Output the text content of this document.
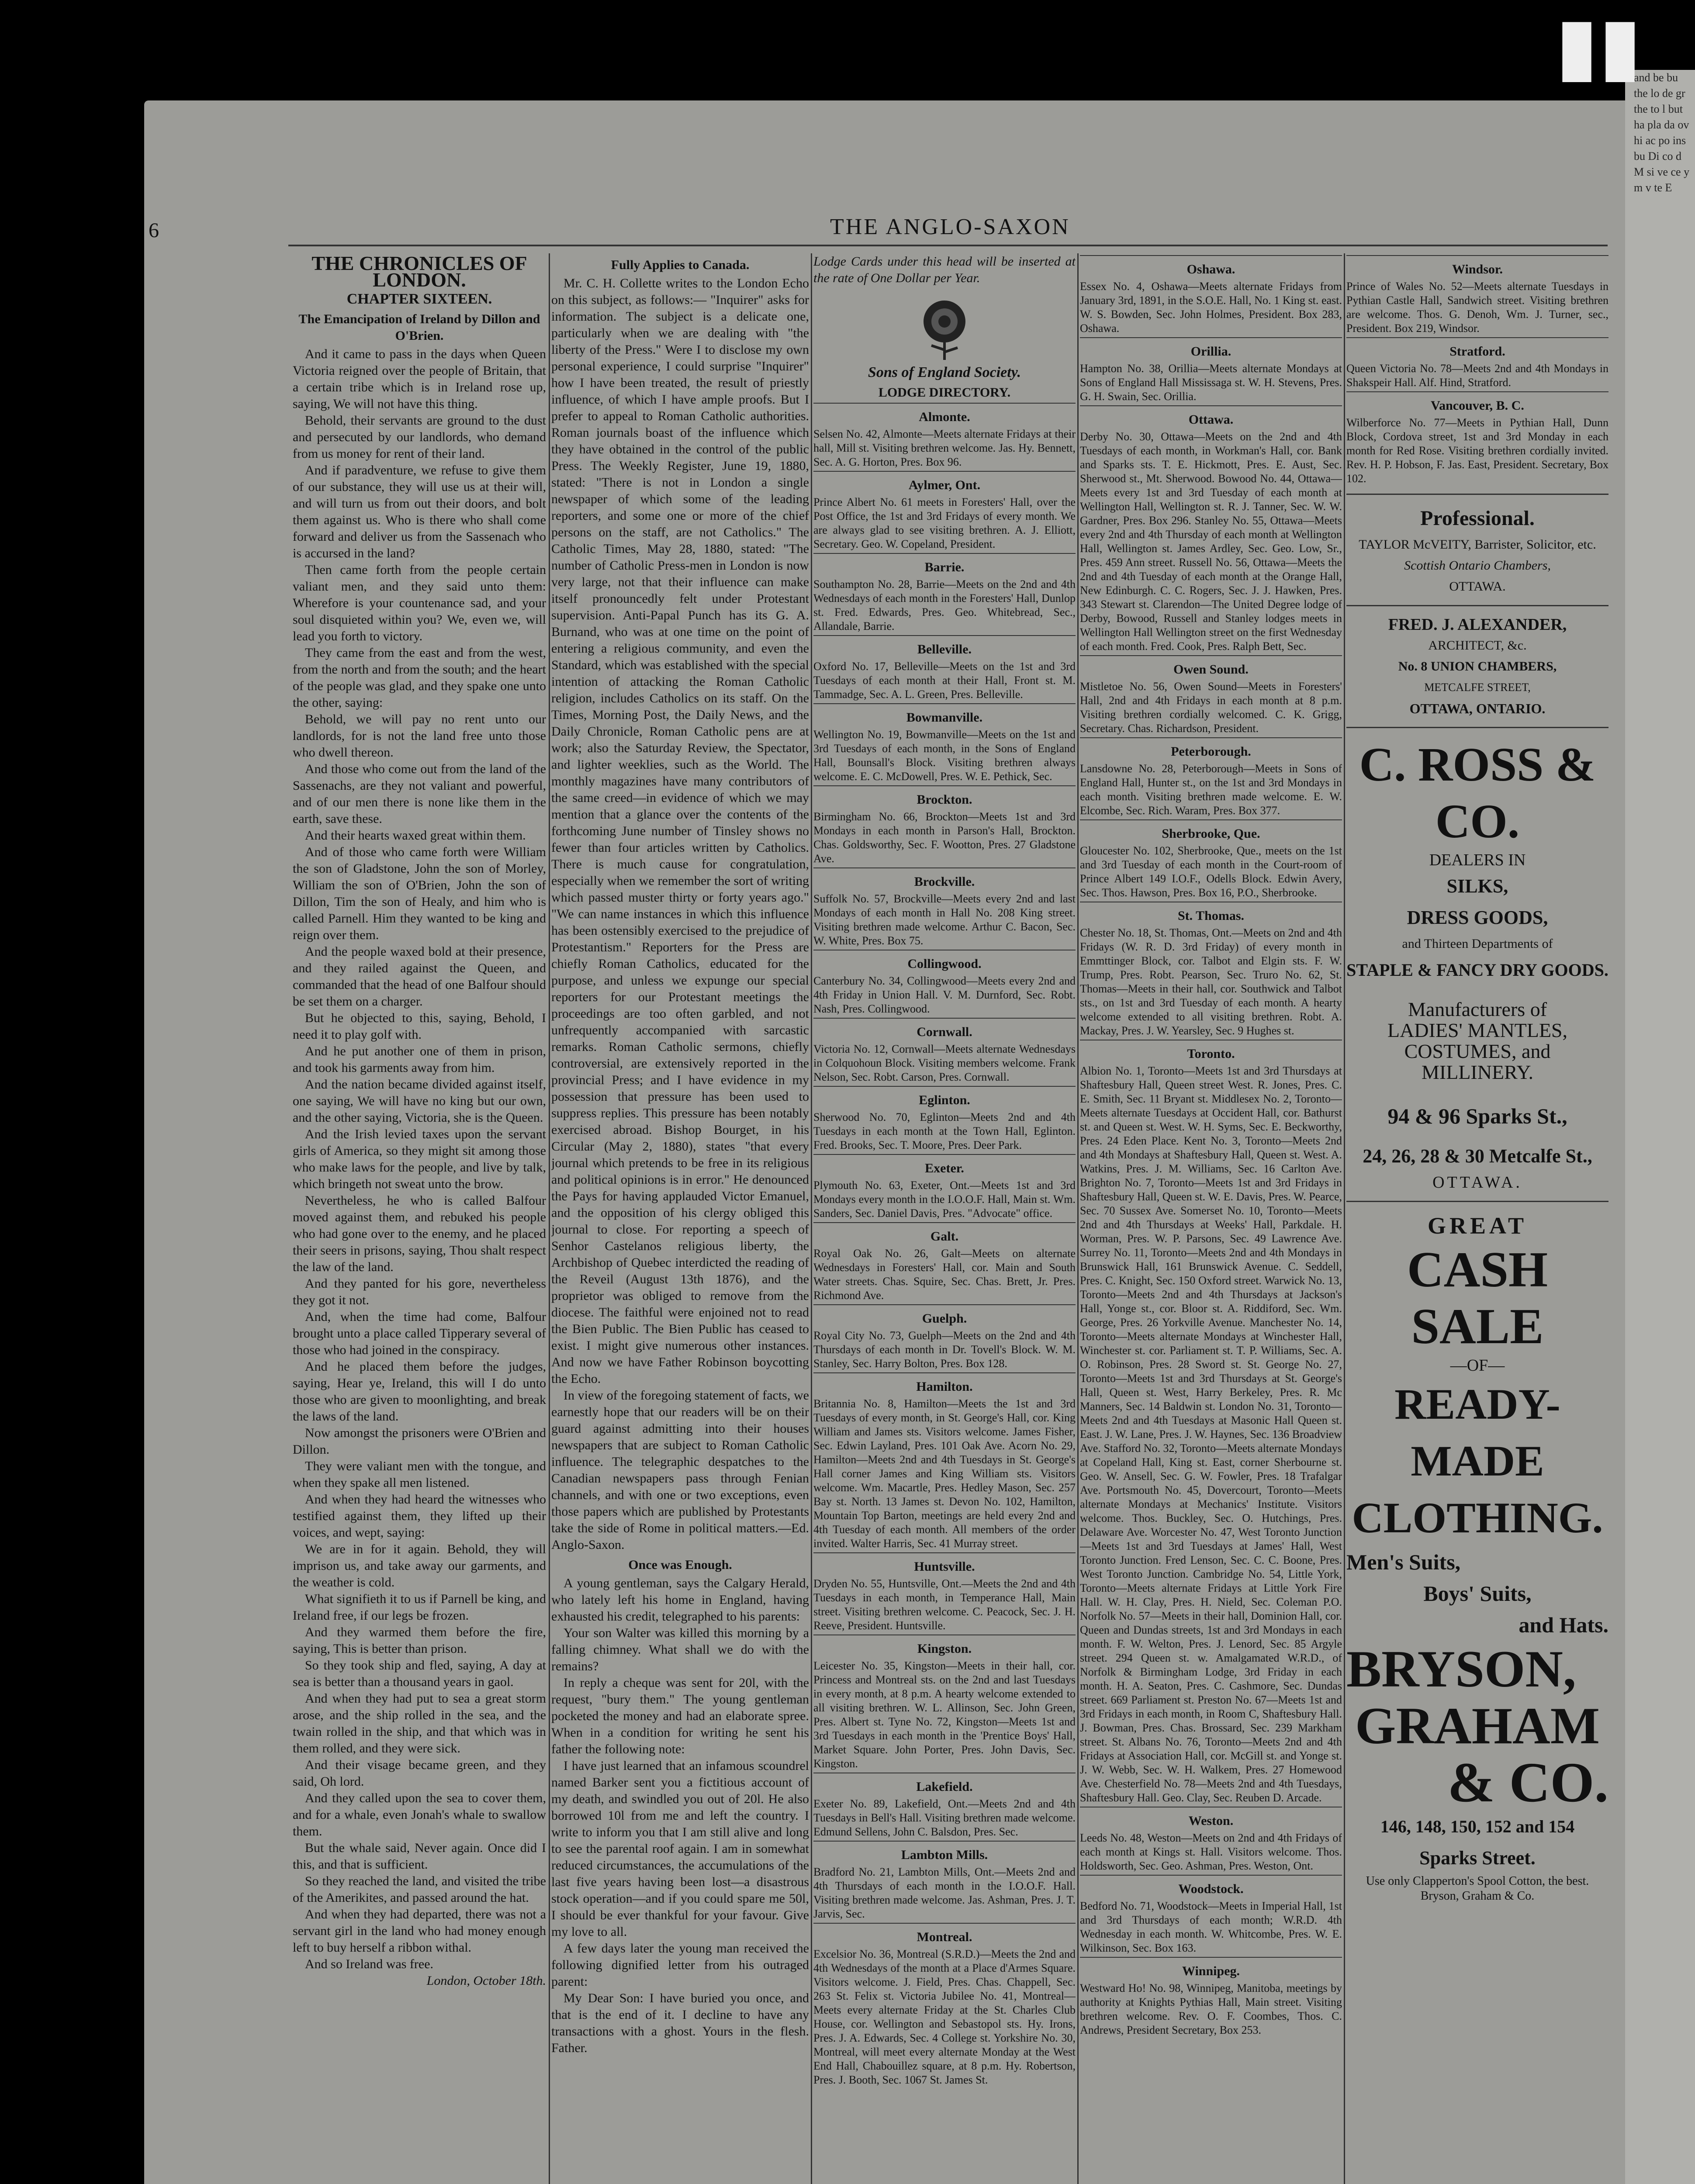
and be bu the lo de gr the to l but ha pla da ov hi ac po ins bu Di co d M si ve ce y m v te E
▮▮
6	THE ANGLO-SAXON
THE CHRONICLES OF LONDON.
CHAPTER SIXTEEN.
The Emancipation of Ireland by Dillon and O'Brien.

And it came to pass in the days when Queen Victoria reigned over the people of Britain, that a certain tribe which is in Ireland rose up, saying, We will not have this thing.

Behold, their servants are ground to the dust and persecuted by our landlords, who demand from us money for rent of their land.

And if paradventure, we refuse to give them of our substance, they will use us at their will, and will turn us from out their doors, and bolt them against us. Who is there who shall come forward and deliver us from the Sassenach who is accursed in the land?

Then came forth from the people certain valiant men, and they said unto them: Wherefore is your countenance sad, and your soul disquieted within you? We, even we, will lead you forth to victory.

They came from the east and from the west, from the north and from the south; and the heart of the people was glad, and they spake one unto the other, saying:

Behold, we will pay no rent unto our landlords, for is not the land free unto those who dwell thereon.

And those who come out from the land of the Sassenachs, are they not valiant and powerful, and of our men there is none like them in the earth, save these.

And their hearts waxed great within them.

And of those who came forth were William the son of Gladstone, John the son of Morley, William the son of O'Brien, John the son of Dillon, Tim the son of Healy, and him who is called Parnell. Him they wanted to be king and reign over them.

And the people waxed bold at their presence, and they railed against the Queen, and commanded that the head of one Balfour should be set them on a charger.

But he objected to this, saying, Behold, I need it to play golf with.

And he put another one of them in prison, and took his garments away from him.

And the nation became divided against itself, one saying, We will have no king but our own, and the other saying, Victoria, she is the Queen.

And the Irish levied taxes upon the servant girls of America, so they might sit among those who make laws for the people, and live by talk, which bringeth not sweat unto the brow.

Nevertheless, he who is called Balfour moved against them, and rebuked his people who had gone over to the enemy, and he placed their seers in prisons, saying, Thou shalt respect the law of the land.

And they panted for his gore, nevertheless they got it not.

And, when the time had come, Balfour brought unto a place called Tipperary several of those who had joined in the conspiracy.

And he placed them before the judges, saying, Hear ye, Ireland, this will I do unto those who are given to moonlighting, and break the laws of the land.

Now amongst the prisoners were O'Brien and Dillon.

They were valiant men with the tongue, and when they spake all men listened.

And when they had heard the witnesses who testified against them, they lifted up their voices, and wept, saying:

We are in for it again. Behold, they will imprison us, and take away our garments, and the weather is cold.

What signifieth it to us if Parnell be king, and Ireland free, if our legs be frozen.

And they warmed them before the fire, saying, This is better than prison.

So they took ship and fled, saying, A day at sea is better than a thousand years in gaol.

And when they had put to sea a great storm arose, and the ship rolled in the sea, and the twain rolled in the ship, and that which was in them rolled, and they were sick.

And their visage became green, and they said, Oh lord.

And they called upon the sea to cover them, and for a whale, even Jonah's whale to swallow them.

But the whale said, Never again. Once did I this, and that is sufficient.

So they reached the land, and visited the tribe of the Amerikites, and passed around the hat.

And when they had departed, there was not a servant girl in the land who had money enough left to buy herself a ribbon withal.

And so Ireland was free.

London, October 18th.

Fully Applies to Canada.

Mr. C. H. Collette writes to the London Echo on this subject, as follows:— "Inquirer" asks for information. The subject is a delicate one, particularly when we are dealing with "the liberty of the Press." Were I to disclose my own personal experience, I could surprise "Inquirer" how I have been treated, the result of priestly influence, of which I have ample proofs. But I prefer to appeal to Roman Catholic authorities. Roman journals boast of the influence which they have obtained in the control of the public Press. The Weekly Register, June 19, 1880, stated: "There is not in London a single newspaper of which some of the leading reporters, and some one or more of the chief persons on the staff, are not Catholics." The Catholic Times, May 28, 1880, stated: "The number of Catholic Press-men in London is now very large, not that their influence can make itself pronouncedly felt under Protestant supervision. Anti-Papal Punch has its G. A. Burnand, who was at one time on the point of entering a religious community, and even the Standard, which was established with the special intention of attacking the Roman Catholic religion, includes Catholics on its staff. On the Times, Morning Post, the Daily News, and the Daily Chronicle, Roman Catholic pens are at work; also the Saturday Review, the Spectator, and lighter weeklies, such as the World. The monthly magazines have many contributors of the same creed—in evidence of which we may mention that a glance over the contents of the forthcoming June number of Tinsley shows no fewer than four articles written by Catholics. There is much cause for congratulation, especially when we remember the sort of writing which passed muster thirty or forty years ago." "We can name instances in which this influence has been ostensibly exercised to the prejudice of Protestantism." Reporters for the Press are chiefly Roman Catholics, educated for the purpose, and unless we expunge our special reporters for our Protestant meetings the proceedings are too often garbled, and not unfrequently accompanied with sarcastic remarks. Roman Catholic sermons, chiefly controversial, are extensively reported in the provincial Press; and I have evidence in my possession that pressure has been used to suppress replies. This pressure has been notably exercised abroad. Bishop Bourget, in his Circular (May 2, 1880), states "that every journal which pretends to be free in its religious and political opinions is in error." He denounced the Pays for having applauded Victor Emanuel, and the opposition of his clergy obliged this journal to close. For reporting a speech of Senhor Castelanos religious liberty, the Archbishop of Quebec interdicted the reading of the Reveil (August 13th 1876), and the proprietor was obliged to remove from the diocese. The faithful were enjoined not to read the Bien Public. The Bien Public has ceased to exist. I might give numerous other instances. And now we have Father Robinson boycotting the Echo.

In view of the foregoing statement of facts, we earnestly hope that our readers will be on their guard against admitting into their houses newspapers that are subject to Roman Catholic influence. The telegraphic despatches to the Canadian newspapers pass through Fenian channels, and with one or two exceptions, even those papers which are published by Protestants take the side of Rome in political matters.—Ed. Anglo-Saxon.

Once was Enough.

A young gentleman, says the Calgary Herald, who lately left his home in England, having exhausted his credit, telegraphed to his parents:

Your son Walter was killed this morning by a falling chimney. What shall we do with the remains?

In reply a cheque was sent for 20l, with the request, "bury them." The young gentleman pocketed the money and had an elaborate spree. When in a condition for writing he sent his father the following note:

I have just learned that an infamous scoundrel named Barker sent you a fictitious account of my death, and swindled you out of 20l. He also borrowed 10l from me and left the country. I write to inform you that I am still alive and long to see the parental roof again. I am in somewhat reduced circumstances, the accumulations of the last five years having been lost—a disastrous stock operation—and if you could spare me 50l, I should be ever thankful for your favour. Give my love to all.

A few days later the young man received the following dignified letter from his outraged parent:

My Dear Son: I have buried you once, and that is the end of it. I decline to have any transactions with a ghost. Yours in the flesh. Father.

Lodge Cards under this head will be inserted at the rate of One Dollar per Year.

Sons of England Society.
LODGE DIRECTORY.
Almonte.

Selsen No. 42, Almonte—Meets alternate Fridays at their hall, Mill st. Visiting brethren welcome. Jas. Hy. Bennett, Sec. A. G. Horton, Pres. Box 96.

Aylmer, Ont.

Prince Albert No. 61 meets in Foresters' Hall, over the Post Office, the 1st and 3rd Fridays of every month. We are always glad to see visiting brethren. A. J. Elliott, Secretary. Geo. W. Copeland, President.

Barrie.

Southampton No. 28, Barrie—Meets on the 2nd and 4th Wednesdays of each month in the Foresters' Hall, Dunlop st. Fred. Edwards, Pres. Geo. Whitebread, Sec., Allandale, Barrie.

Belleville.

Oxford No. 17, Belleville—Meets on the 1st and 3rd Tuesdays of each month at their Hall, Front st. M. Tammadge, Sec. A. L. Green, Pres. Belleville.

Bowmanville.

Wellington No. 19, Bowmanville—Meets on the 1st and 3rd Tuesdays of each month, in the Sons of England Hall, Bounsall's Block. Visiting brethren always welcome. E. C. McDowell, Pres. W. E. Pethick, Sec.

Brockton.

Birmingham No. 66, Brockton—Meets 1st and 3rd Mondays in each month in Parson's Hall, Brockton. Chas. Goldsworthy, Sec. F. Wootton, Pres. 27 Gladstone Ave.

Brockville.

Suffolk No. 57, Brockville—Meets every 2nd and last Mondays of each month in Hall No. 208 King street. Visiting brethren made welcome. Arthur C. Bacon, Sec. W. White, Pres. Box 75.

Collingwood.

Canterbury No. 34, Collingwood—Meets every 2nd and 4th Friday in Union Hall. V. M. Durnford, Sec. Robt. Nash, Pres. Collingwood.

Cornwall.

Victoria No. 12, Cornwall—Meets alternate Wednesdays in Colquohoun Block. Visiting members welcome. Frank Nelson, Sec. Robt. Carson, Pres. Cornwall.

Eglinton.

Sherwood No. 70, Eglinton—Meets 2nd and 4th Tuesdays in each month at the Town Hall, Eglinton. Fred. Brooks, Sec. T. Moore, Pres. Deer Park.

Exeter.

Plymouth No. 63, Exeter, Ont.—Meets 1st and 3rd Mondays every month in the I.O.O.F. Hall, Main st. Wm. Sanders, Sec. Daniel Davis, Pres. "Advocate" office.

Galt.

Royal Oak No. 26, Galt—Meets on alternate Wednesdays in Foresters' Hall, cor. Main and South Water streets. Chas. Squire, Sec. Chas. Brett, Jr. Pres. Richmond Ave.

Guelph.

Royal City No. 73, Guelph—Meets on the 2nd and 4th Thursdays of each month in Dr. Tovell's Block. W. M. Stanley, Sec. Harry Bolton, Pres. Box 128.

Hamilton.

Britannia No. 8, Hamilton—Meets the 1st and 3rd Tuesdays of every month, in St. George's Hall, cor. King William and James sts. Visitors welcome. James Fisher, Sec. Edwin Layland, Pres. 101 Oak Ave. Acorn No. 29, Hamilton—Meets 2nd and 4th Tuesdays in St. George's Hall corner James and King William sts. Visitors welcome. Wm. Macartle, Pres. Hedley Mason, Sec. 257 Bay st. North. 13 James st. Devon No. 102, Hamilton, Mountain Top Barton, meetings are held every 2nd and 4th Tuesday of each month. All members of the order invited. Walter Harris, Sec. 41 Murray street.

Huntsville.

Dryden No. 55, Huntsville, Ont.—Meets the 2nd and 4th Tuesdays in each month, in Temperance Hall, Main street. Visiting brethren welcome. C. Peacock, Sec. J. H. Reeve, President. Huntsville.

Kingston.

Leicester No. 35, Kingston—Meets in their hall, cor. Princess and Montreal sts. on the 2nd and last Tuesdays in every month, at 8 p.m. A hearty welcome extended to all visiting brethren. W. L. Allinson, Sec. John Green, Pres. Albert st. Tyne No. 72, Kingston—Meets 1st and 3rd Tuesdays in each month in the 'Prentice Boys' Hall, Market Square. John Porter, Pres. John Davis, Sec. Kingston.

Lakefield.

Exeter No. 89, Lakefield, Ont.—Meets 2nd and 4th Tuesdays in Bell's Hall. Visiting brethren made welcome. Edmund Sellens, John C. Balsdon, Pres. Sec.

Lambton Mills.

Bradford No. 21, Lambton Mills, Ont.—Meets 2nd and 4th Thursdays of each month in the I.O.O.F. Hall. Visiting brethren made welcome. Jas. Ashman, Pres. J. T. Jarvis, Sec.

Montreal.

Excelsior No. 36, Montreal (S.R.D.)—Meets the 2nd and 4th Wednesdays of the month at a Place d'Armes Square. Visitors welcome. J. Field, Pres. Chas. Chappell, Sec. 263 St. Felix st. Victoria Jubilee No. 41, Montreal—Meets every alternate Friday at the St. Charles Club House, cor. Wellington and Sebastopol sts. Hy. Irons, Pres. J. A. Edwards, Sec. 4 College st. Yorkshire No. 30, Montreal, will meet every alternate Monday at the West End Hall, Chabouillez square, at 8 p.m. Hy. Robertson, Pres. J. Booth, Sec. 1067 St. James St.

Oshawa.

Essex No. 4, Oshawa—Meets alternate Fridays from January 3rd, 1891, in the S.O.E. Hall, No. 1 King st. east. W. S. Bowden, Sec. John Holmes, President. Box 283, Oshawa.

Orillia.

Hampton No. 38, Orillia—Meets alternate Mondays at Sons of England Hall Mississaga st. W. H. Stevens, Pres. G. H. Swain, Sec. Orillia.

Ottawa.

Derby No. 30, Ottawa—Meets on the 2nd and 4th Tuesdays of each month, in Workman's Hall, cor. Bank and Sparks sts. T. E. Hickmott, Pres. E. Aust, Sec. Sherwood st., Mt. Sherwood. Bowood No. 44, Ottawa—Meets every 1st and 3rd Tuesday of each month at Wellington Hall, Wellington st. R. J. Tanner, Sec. W. W. Gardner, Pres. Box 296. Stanley No. 55, Ottawa—Meets every 2nd and 4th Thursday of each month at Wellington Hall, Wellington st. James Ardley, Sec. Geo. Low, Sr., Pres. 459 Ann street. Russell No. 56, Ottawa—Meets the 2nd and 4th Tuesday of each month at the Orange Hall, New Edinburgh. C. C. Rogers, Sec. J. J. Hawken, Pres. 343 Stewart st. Clarendon—The United Degree lodge of Derby, Bowood, Russell and Stanley lodges meets in Wellington Hall Wellington street on the first Wednesday of each month. Fred. Cook, Pres. Ralph Bett, Sec.

Owen Sound.

Mistletoe No. 56, Owen Sound—Meets in Foresters' Hall, 2nd and 4th Fridays in each month at 8 p.m. Visiting brethren cordially welcomed. C. K. Grigg, Secretary. Chas. Richardson, President.

Peterborough.

Lansdowne No. 28, Peterborough—Meets in Sons of England Hall, Hunter st., on the 1st and 3rd Mondays in each month. Visiting brethren made welcome. E. W. Elcombe, Sec. Rich. Waram, Pres. Box 377.

Sherbrooke, Que.

Gloucester No. 102, Sherbrooke, Que., meets on the 1st and 3rd Tuesday of each month in the Court-room of Prince Albert 149 I.O.F., Odells Block. Edwin Avery, Sec. Thos. Hawson, Pres. Box 16, P.O., Sherbrooke.

St. Thomas.

Chester No. 18, St. Thomas, Ont.—Meets on 2nd and 4th Fridays (W. R. D. 3rd Friday) of every month in Emmttinger Block, cor. Talbot and Elgin sts. F. W. Trump, Pres. Robt. Pearson, Sec. Truro No. 62, St. Thomas—Meets in their hall, cor. Southwick and Talbot sts., on 1st and 3rd Tuesday of each month. A hearty welcome extended to all visiting brethren. Robt. A. Mackay, Pres. J. W. Yearsley, Sec. 9 Hughes st.

Toronto.

Albion No. 1, Toronto—Meets 1st and 3rd Thursdays at Shaftesbury Hall, Queen street West. R. Jones, Pres. C. E. Smith, Sec. 11 Bryant st. Middlesex No. 2, Toronto—Meets alternate Tuesdays at Occident Hall, cor. Bathurst st. and Queen st. West. W. H. Syms, Sec. E. Beckworthy, Pres. 24 Eden Place. Kent No. 3, Toronto—Meets 2nd and 4th Mondays at Shaftesbury Hall, Queen st. West. A. Watkins, Pres. J. M. Williams, Sec. 16 Carlton Ave. Brighton No. 7, Toronto—Meets 1st and 3rd Fridays in Shaftesbury Hall, Queen st. W. E. Davis, Pres. W. Pearce, Sec. 70 Sussex Ave. Somerset No. 10, Toronto—Meets 2nd and 4th Thursdays at Weeks' Hall, Parkdale. H. Worman, Pres. W. P. Parsons, Sec. 49 Lawrence Ave. Surrey No. 11, Toronto—Meets 2nd and 4th Mondays in Brunswick Hall, 161 Brunswick Avenue. C. Seddell, Pres. C. Knight, Sec. 150 Oxford street. Warwick No. 13, Toronto—Meets 2nd and 4th Thursdays at Jackson's Hall, Yonge st., cor. Bloor st. A. Riddiford, Sec. Wm. George, Pres. 26 Yorkville Avenue. Manchester No. 14, Toronto—Meets alternate Mondays at Winchester Hall, Winchester st. cor. Parliament st. T. P. Williams, Sec. A. O. Robinson, Pres. 28 Sword st. St. George No. 27, Toronto—Meets 1st and 3rd Thursdays at St. George's Hall, Queen st. West, Harry Berkeley, Pres. R. Mc Manners, Sec. 14 Baldwin st. London No. 31, Toronto—Meets 2nd and 4th Tuesdays at Masonic Hall Queen st. East. J. W. Lane, Pres. J. W. Haynes, Sec. 136 Broadview Ave. Stafford No. 32, Toronto—Meets alternate Mondays at Copeland Hall, King st. East, corner Sherbourne st. Geo. W. Ansell, Sec. G. W. Fowler, Pres. 18 Trafalgar Ave. Portsmouth No. 45, Dovercourt, Toronto—Meets alternate Mondays at Mechanics' Institute. Visitors welcome. Thos. Buckley, Sec. O. Hutchings, Pres. Delaware Ave. Worcester No. 47, West Toronto Junction—Meets 1st and 3rd Tuesdays at James' Hall, West Toronto Junction. Fred Lenson, Sec. C. C. Boone, Pres. West Toronto Junction. Cambridge No. 54, Little York, Toronto—Meets alternate Fridays at Little York Fire Hall. W. H. Clay, Pres. H. Nield, Sec. Coleman P.O. Norfolk No. 57—Meets in their hall, Dominion Hall, cor. Queen and Dundas streets, 1st and 3rd Mondays in each month. F. W. Welton, Pres. J. Lenord, Sec. 85 Argyle street. 294 Queen st. w. Amalgamated W.R.D., of Norfolk & Birmingham Lodge, 3rd Friday in each month. H. A. Seaton, Pres. C. Cashmore, Sec. Dundas street. 669 Parliament st. Preston No. 67—Meets 1st and 3rd Fridays in each month, in Room C, Shaftesbury Hall. J. Bowman, Pres. Chas. Brossard, Sec. 239 Markham street. St. Albans No. 76, Toronto—Meets 2nd and 4th Fridays at Association Hall, cor. McGill st. and Yonge st. J. W. Webb, Sec. W. H. Walkem, Pres. 27 Homewood Ave. Chesterfield No. 78—Meets 2nd and 4th Tuesdays, Shaftesbury Hall. Geo. Clay, Sec. Reuben D. Arcade.

Weston.

Leeds No. 48, Weston—Meets on 2nd and 4th Fridays of each month at Kings st. Hall. Visitors welcome. Thos. Holdsworth, Sec. Geo. Ashman, Pres. Weston, Ont.

Woodstock.

Bedford No. 71, Woodstock—Meets in Imperial Hall, 1st and 3rd Thursdays of each month; W.R.D. 4th Wednesday in each month. W. Whitcombe, Pres. W. E. Wilkinson, Sec. Box 163.

Winnipeg.

Westward Ho! No. 98, Winnipeg, Manitoba, meetings by authority at Knights Pythias Hall, Main street. Visiting brethren welcome. Rev. O. F. Coombes, Thos. C. Andrews, President Secretary, Box 253.

Windsor.

Prince of Wales No. 52—Meets alternate Tuesdays in Pythian Castle Hall, Sandwich street. Visiting brethren are welcome. Thos. G. Denoh, Wm. J. Turner, sec., President. Box 219, Windsor.

Stratford.

Queen Victoria No. 78—Meets 2nd and 4th Mondays in Shakspeir Hall. Alf. Hind, Stratford.

Vancouver, B. C.

Wilberforce No. 77—Meets in Pythian Hall, Dunn Block, Cordova street, 1st and 3rd Monday in each month for Red Rose. Visiting brethren cordially invited. Rev. H. P. Hobson, F. Jas. East, President. Secretary, Box 102.

Professional.
TAYLOR McVEITY, Barrister, Solicitor, etc.
Scottish Ontario Chambers,
OTTAWA.
FRED. J. ALEXANDER,
ARCHITECT, &c.
No. 8 UNION CHAMBERS,
METCALFE STREET,
OTTAWA, ONTARIO.
C. ROSS & CO.
DEALERS IN
SILKS,
DRESS GOODS,
and Thirteen Departments of
STAPLE & FANCY DRY GOODS.
Manufacturers of
LADIES' MANTLES,
COSTUMES, and
MILLINERY.
94 & 96 Sparks St.,
24, 26, 28 & 30 Metcalfe St.,
OTTAWA.
GREAT
CASH SALE
—OF—
READY-MADE
CLOTHING.
Men's Suits,
Boys' Suits,
and Hats.
BRYSON,
GRAHAM
& CO.
146, 148, 150, 152 and 154
Sparks Street.
Use only Clapperton's Spool Cotton, the best. Bryson, Graham & Co.
